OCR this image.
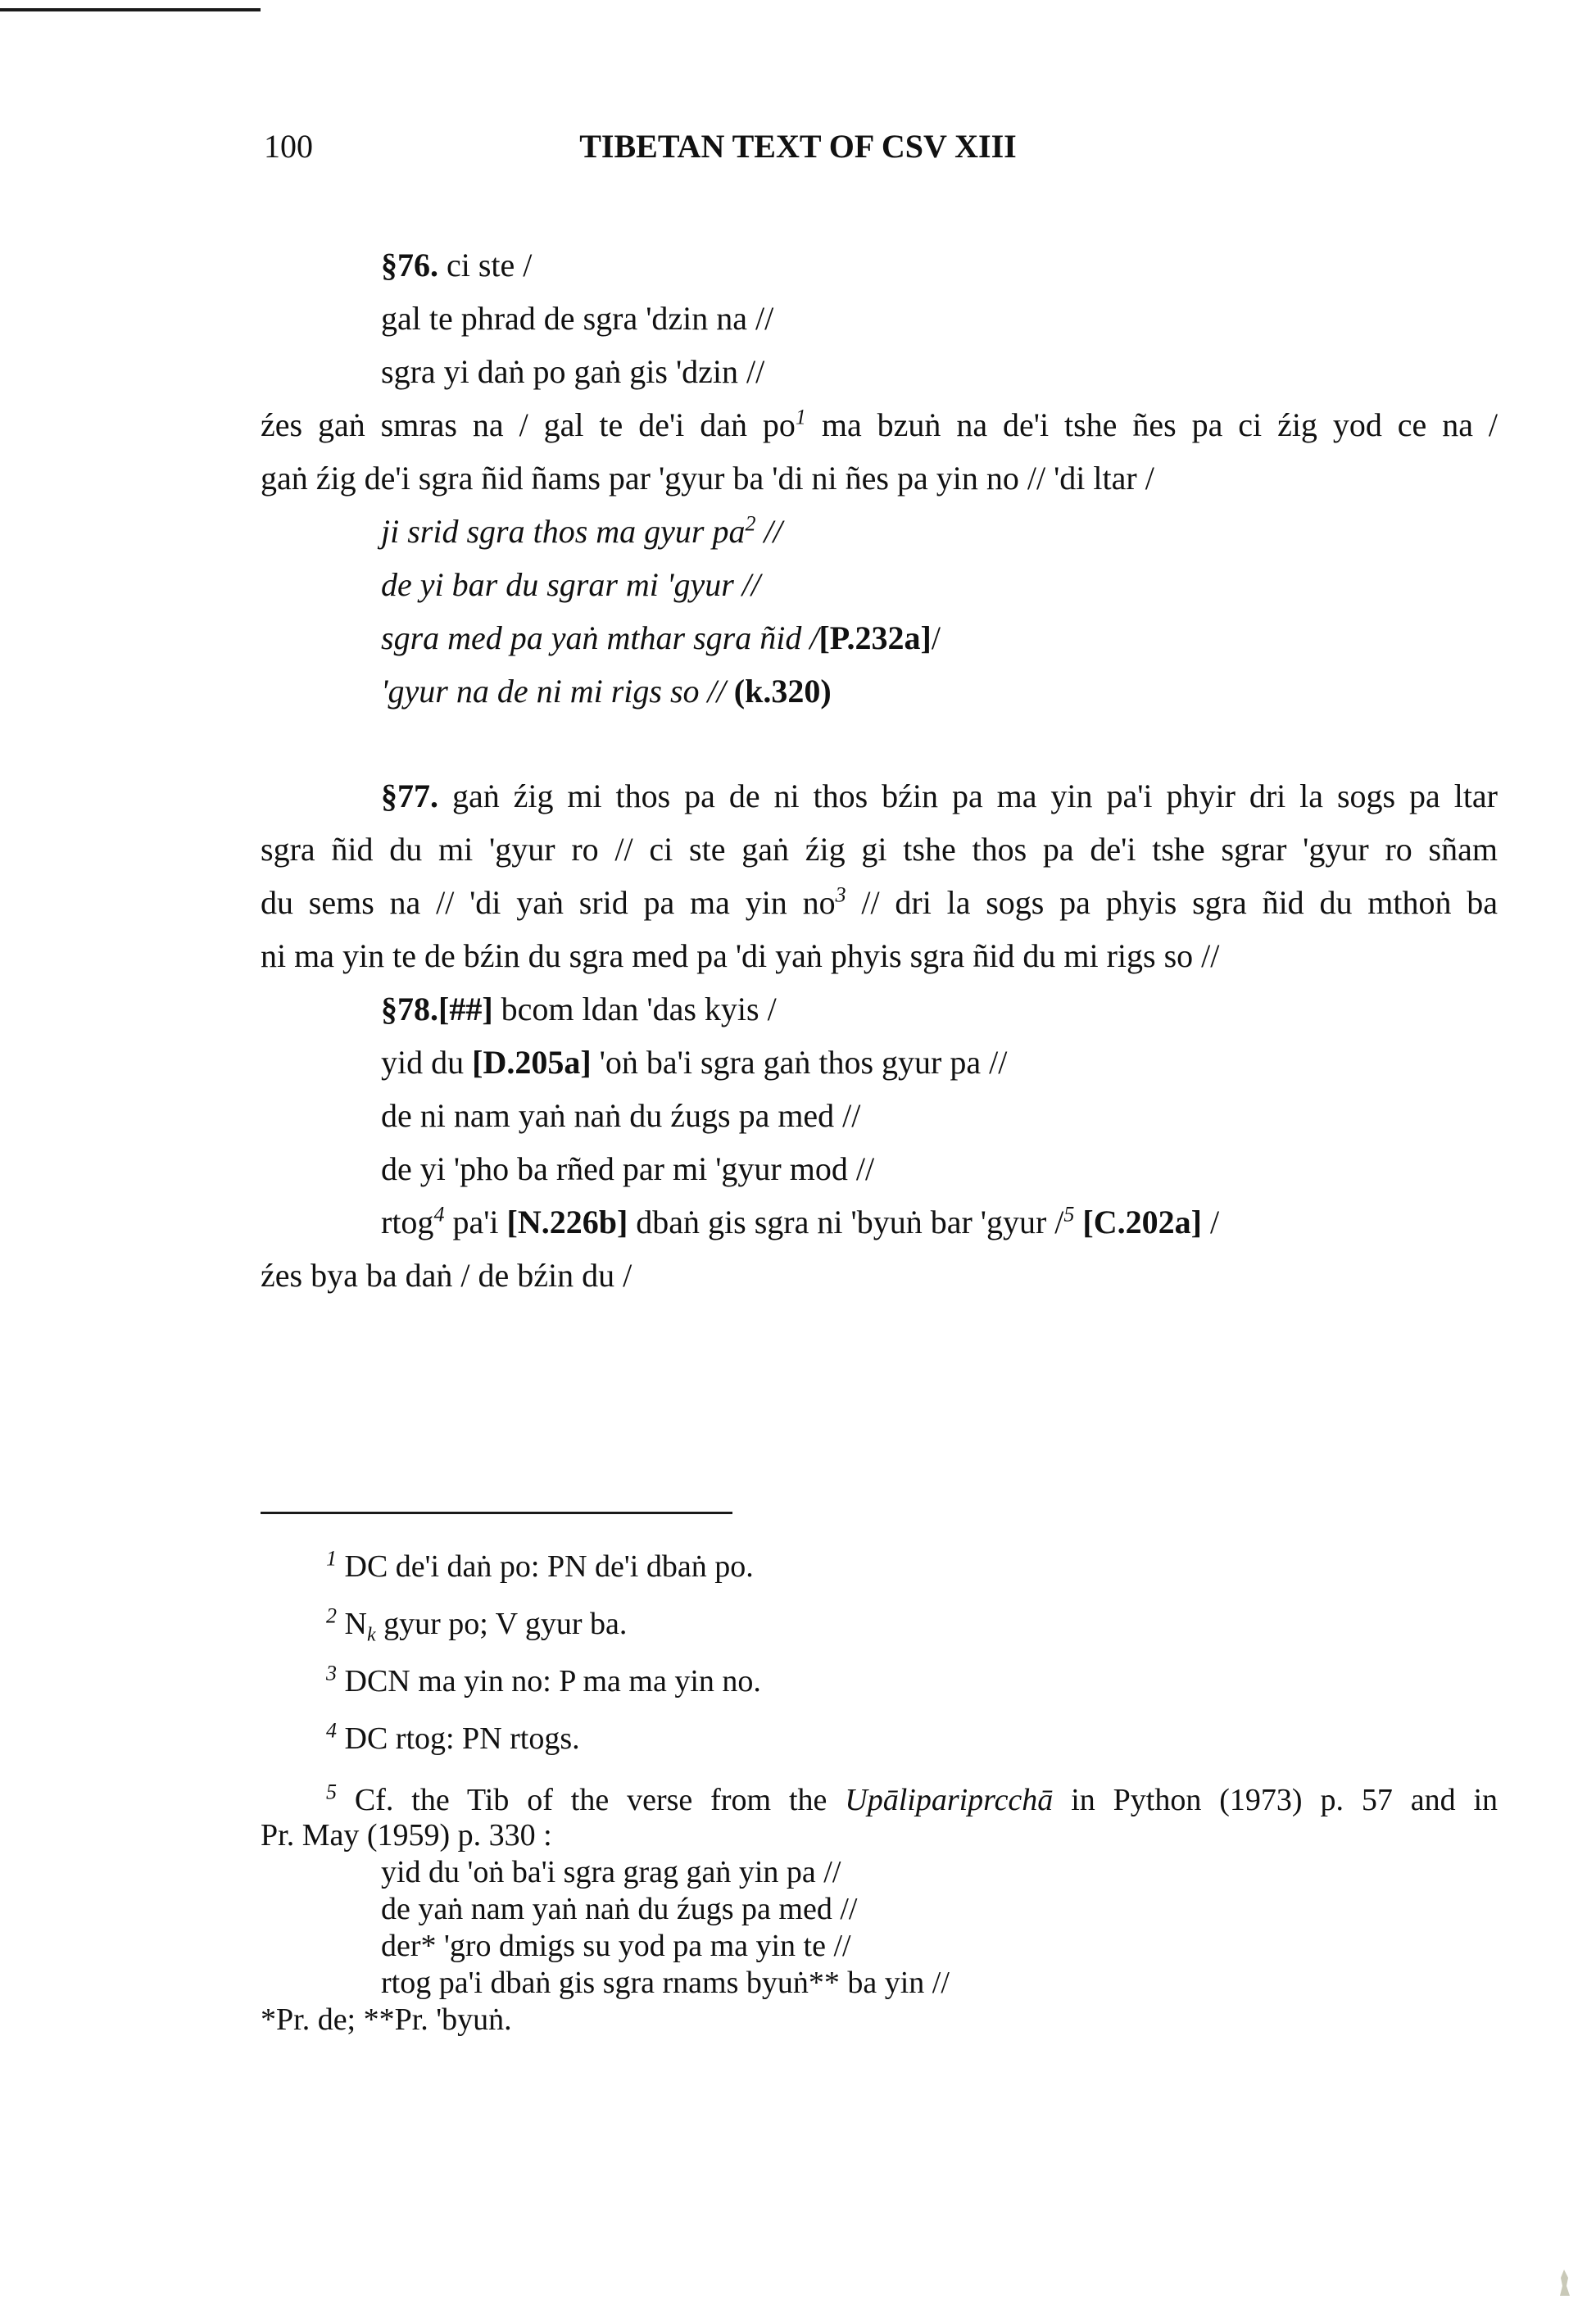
100	TIBETAN TEXT OF CSV XIII
§76. ci ste /
gal te phrad de sgra 'dzin na //
sgra yi daṅ po gaṅ gis 'dzin //
źes gaṅ smras na / gal te de'i daṅ $po^1$ ma bzuṅ na de'i tshe ñes pa ci źig yod ce na /
gaṅ źig de'i sgra ñid ñams par 'gyur ba 'di ni ñes pa yin no // 'di ltar /
ji srid sgra thos ma gyur $pa^2$ //
de yi bar du sgrar mi 'gyur //
sgra med pa yaṅ mthar sgra ñid /[P.232a]/
'gyur na de ni mi rigs so // (k.320)
§77. gaṅ źig mi thos pa de ni thos bźin pa ma yin pa'i phyir dri la sogs pa ltar
sgra ñid du mi 'gyur ro // ci ste gaṅ źig gi tshe thos pa de'i tshe sgrar 'gyur ro sñam
du sems na // 'di yaṅ srid pa ma yin $no^3$ // dri la sogs pa phyis sgra ñid du mthoṅ ba
ni ma yin te de bźin du sgra med pa 'di yaṅ phyis sgra ñid du mi rigs so //
§78.[##] bcom ldan 'das kyis /
yid du [D.205a] 'oṅ ba'i sgra gaṅ thos gyur pa //
de ni nam yaṅ naṅ du źugs pa med //
de yi 'pho ba rñed par mi 'gyur mod //
rtog$^4$ pa'i [N.226b] dbaṅ gis sgra ni 'byuṅ bar 'gyur /$^5$ [C.202a] /
źes bya ba daṅ / de bźin du /
$^1$ DC de'i daṅ po: PN de'i dbaṅ po.
$^2$ $N_k$ gyur po; V gyur ba.
$^3$ DCN ma yin no: P ma ma yin no.
$^4$ DC rtog: PN rtogs.
$^5$ Cf. the Tib of the verse from the Upālipariprcchā in Python (1973) p. 57 and in
Pr. May (1959) p. 330 :
yid du 'oṅ ba'i sgra grag gaṅ yin pa //
de yaṅ nam yaṅ naṅ du źugs pa med //
der* 'gro dmigs su yod pa ma yin te //
rtog pa'i dbaṅ gis sgra rnams byuṅ** ba yin //
*Pr. de; **Pr. 'byuṅ.
